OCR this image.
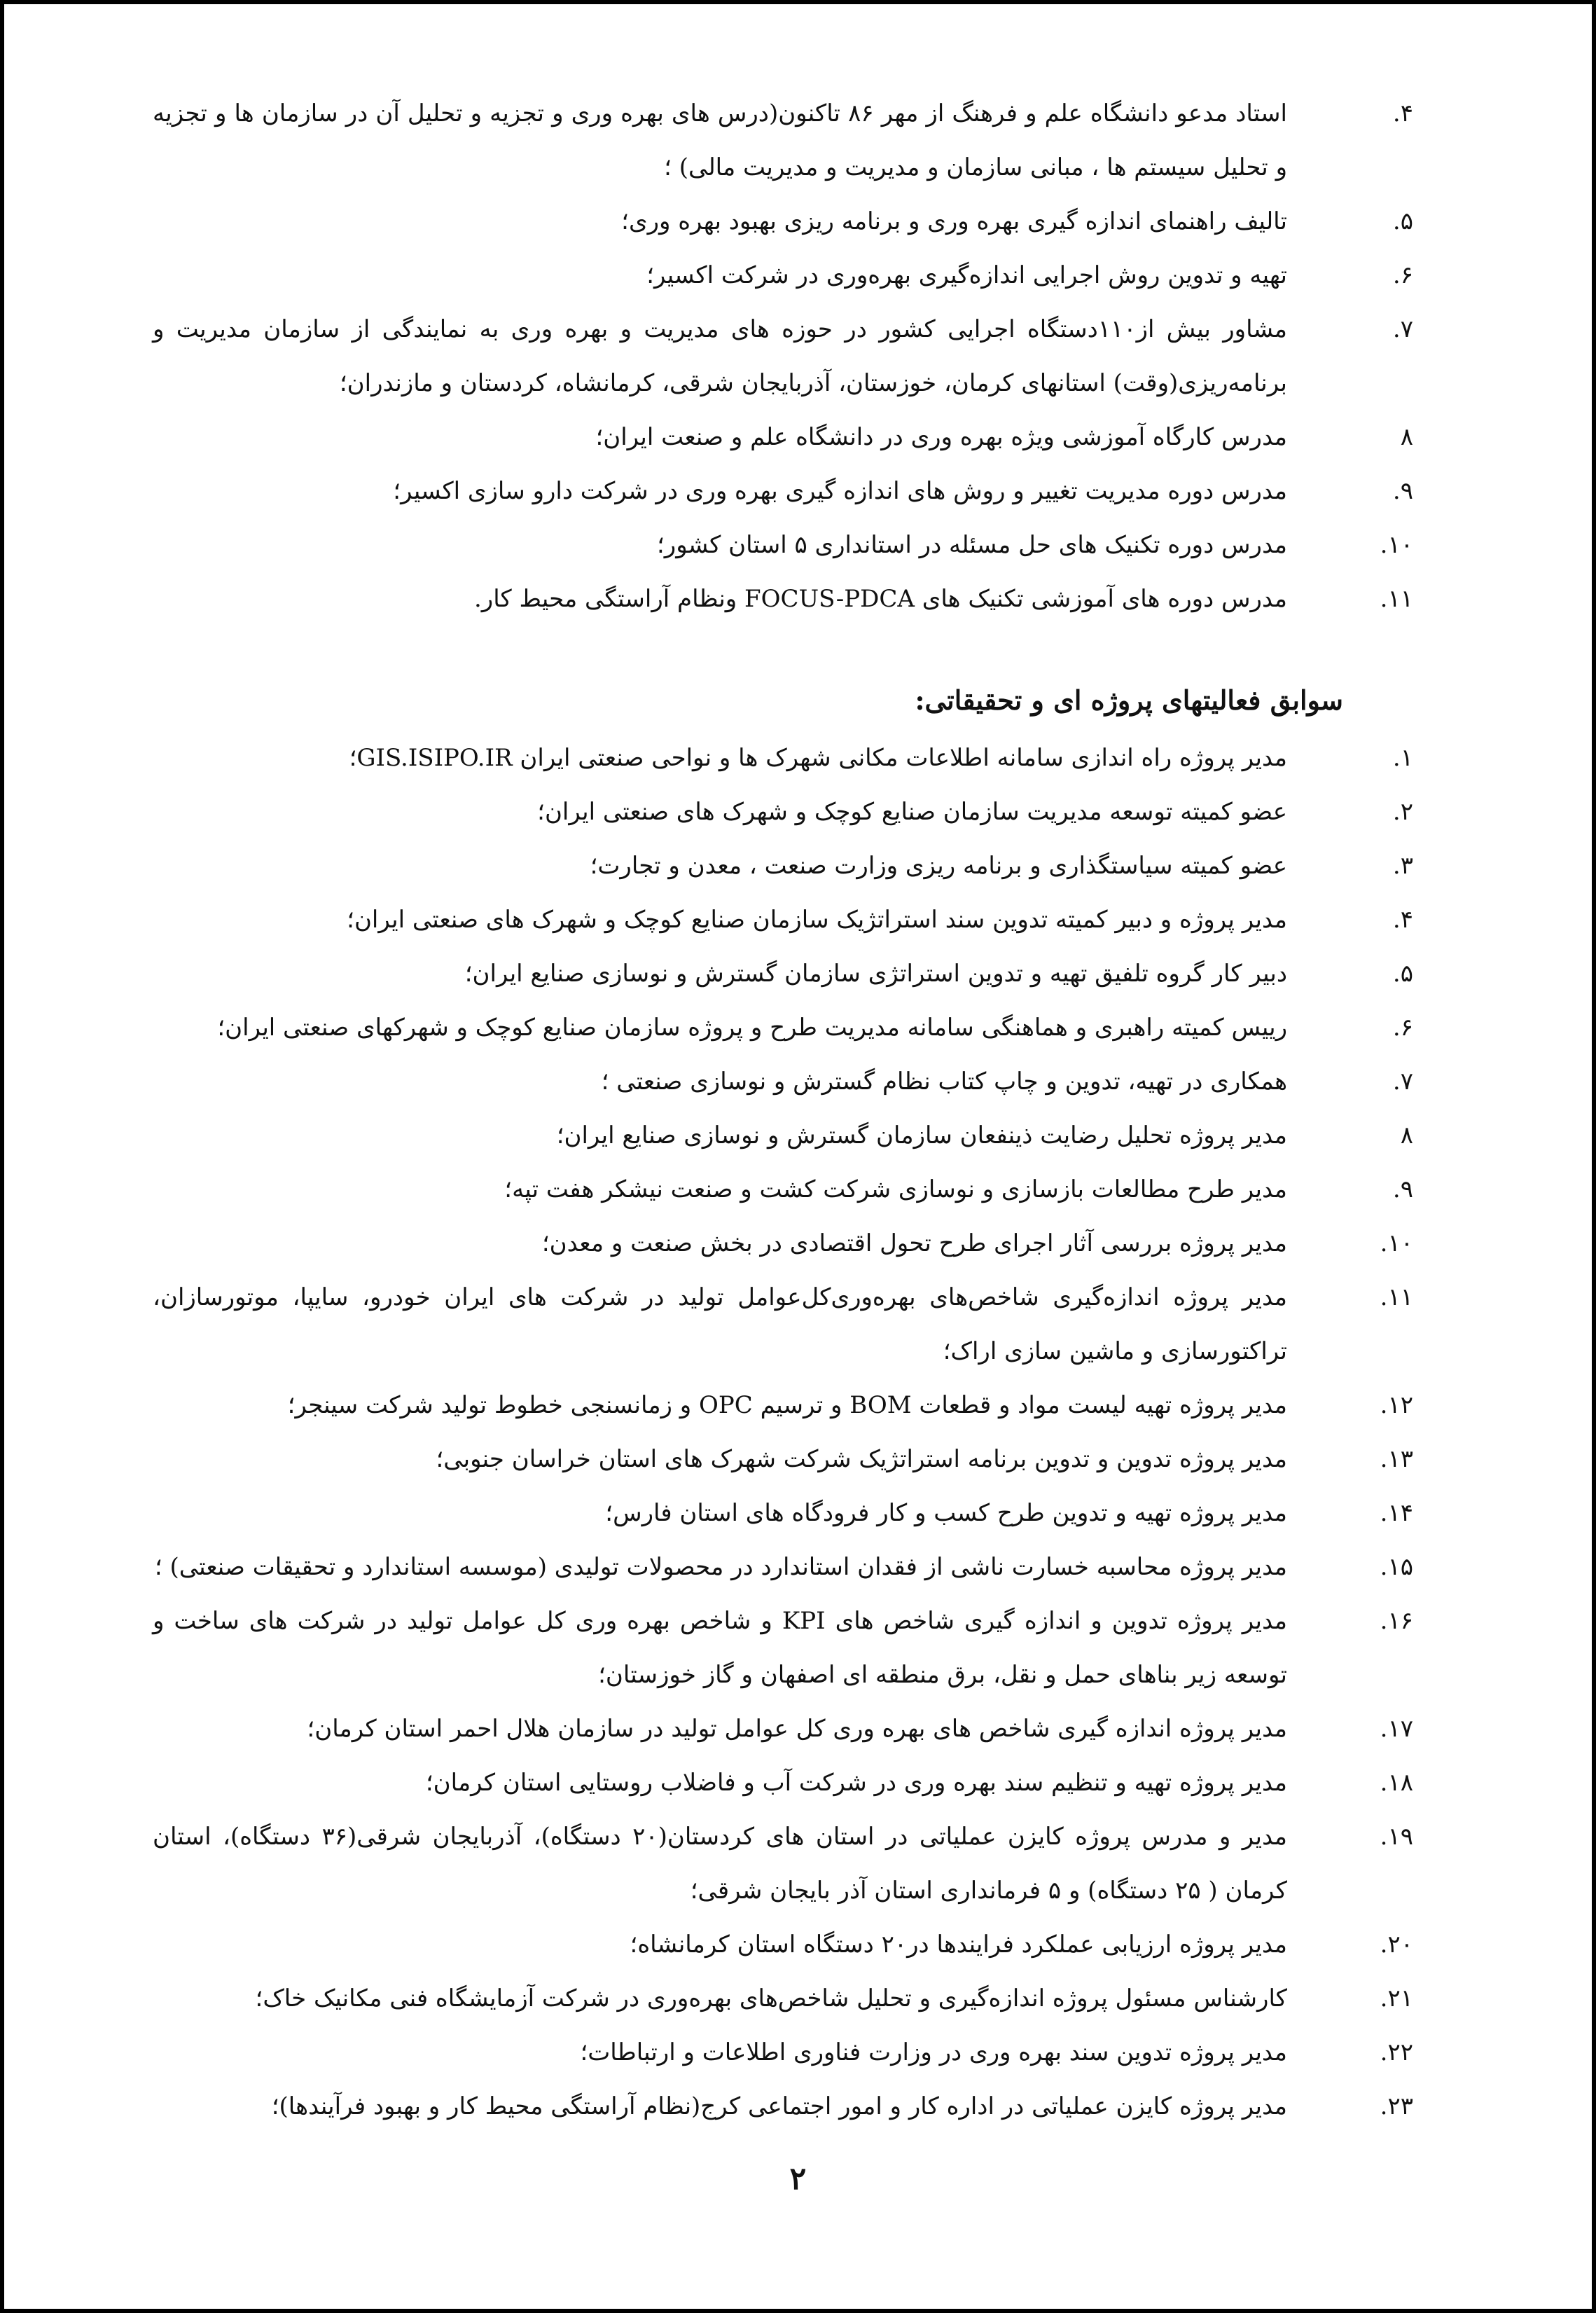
۴.
استاد مدعو دانشگاه علم و فرهنگ از مهر ۸۶ تاکنون(درس های بهره وری و تجزیه و تحلیل آن در سازمان ها و تجزیه و تحلیل سیستم ها ، مبانی سازمان و مدیریت و مدیریت مالی) ؛
۵.
تالیف راهنمای اندازه گیری بهره وری و برنامه ریزی بهبود بهره وری؛
۶.
تهیه و تدوین روش اجرایی اندازه‌گیری بهره‌وری در شرکت اکسیر؛
۷.
مشاور بیش از۱۱۰دستگاه اجرایی کشور در حوزه های مدیریت و بهره وری به نمایندگی از سازمان مدیریت و برنامه‌ریزی(وقت) استانهای کرمان، خوزستان، آذربایجان شرقی، کرمانشاه، کردستان و مازندران؛
۸
مدرس کارگاه آموزشی ویژه بهره وری در دانشگاه علم و صنعت ایران؛
۹.
مدرس دوره مدیریت تغییر و روش های اندازه گیری بهره وری در شرکت دارو سازی اکسیر؛
۱۰.
مدرس دوره تکنیک های حل مسئله در استانداری ۵ استان کشور؛
۱۱.
مدرس دوره های آموزشی تکنیک های FOCUS-PDCA ونظام آراستگی محیط کار.
سوابق فعالیتهای پروژه ای و تحقیقاتی:
۱.
مدیر پروژه راه اندازی سامانه اطلاعات مکانی شهرک ها و نواحی صنعتی ایران GIS.ISIPO.IR؛
۲.
عضو کمیته توسعه مدیریت سازمان صنایع کوچک و شهرک های صنعتی ایران؛
۳.
عضو کمیته سیاستگذاری و برنامه ریزی وزارت صنعت ، معدن و تجارت؛
۴.
مدیر پروژه و دبیر کمیته تدوین سند استراتژیک سازمان صنایع کوچک و شهرک های صنعتی ایران؛
۵.
دبیر کار گروه تلفیق تهیه و تدوین استراتژی سازمان گسترش و نوسازی صنایع ایران؛
۶.
رییس کمیته راهبری و هماهنگی سامانه مدیریت طرح و پروژه سازمان صنایع کوچک و شهرکهای صنعتی ایران؛
۷.
همکاری در تهیه، تدوین و چاپ کتاب نظام گسترش و نوسازی صنعتی ؛
۸
مدیر پروژه تحلیل رضایت ذینفعان سازمان گسترش و نوسازی صنایع ایران؛
۹.
مدیر طرح مطالعات بازسازی و نوسازی شرکت کشت و صنعت نیشکر هفت تپه؛
۱۰.
مدیر پروژه بررسی آثار اجرای طرح تحول اقتصادی در بخش صنعت و معدن؛
۱۱.
مدیر پروژه اندازه‌گیری شاخص‌های بهره‌وری‌کل‌عوامل تولید در شرکت های ایران خودرو، سایپا، موتورسازان، تراکتورسازی و ماشین سازی اراک؛
۱۲.
مدیر پروژه تهیه لیست مواد و قطعات BOM و ترسیم OPC و زمانسنجی خطوط تولید شرکت سینجر؛
۱۳.
مدیر پروژه تدوین و تدوین برنامه استراتژیک شرکت شهرک های استان خراسان جنوبی؛
۱۴.
مدیر پروژه تهیه و تدوین طرح کسب و کار فرودگاه های استان فارس؛
۱۵.
مدیر پروژه محاسبه خسارت ناشی از فقدان استاندارد در محصولات تولیدی (موسسه استاندارد و تحقیقات صنعتی) ؛
۱۶.
مدیر پروژه تدوین و اندازه گیری شاخص های KPI و شاخص بهره وری کل عوامل تولید در شرکت های ساخت و توسعه زیر بناهای حمل و نقل، برق منطقه ای اصفهان و گاز خوزستان؛
۱۷.
مدیر پروژه اندازه گیری شاخص های بهره وری کل عوامل تولید در سازمان هلال احمر استان کرمان؛
۱۸.
مدیر پروژه تهیه و تنظیم سند بهره وری در شرکت آب و فاضلاب روستایی استان کرمان؛
۱۹.
مدیر و مدرس پروژه کایزن عملیاتی در استان های کردستان(۲۰ دستگاه)، آذربایجان شرقی(۳۶ دستگاه)، استان کرمان ( ۲۵ دستگاه) و ۵ فرمانداری استان آذر بایجان شرقی؛
۲۰.
مدیر پروژه ارزیابی عملکرد فرایندها در۲۰ دستگاه استان کرمانشاه؛
۲۱.
کارشناس مسئول پروژه اندازه‌گیری و تحلیل شاخص‌های بهره‌وری در شرکت آزمایشگاه فنی مکانیک خاک؛
۲۲.
مدیر پروژه تدوین سند بهره وری در وزارت فناوری اطلاعات و ارتباطات؛
۲۳.
مدیر پروژه کایزن عملیاتی در اداره کار و امور اجتماعی کرج(نظام آراستگی محیط کار و بهبود فرآیندها)؛
۲
